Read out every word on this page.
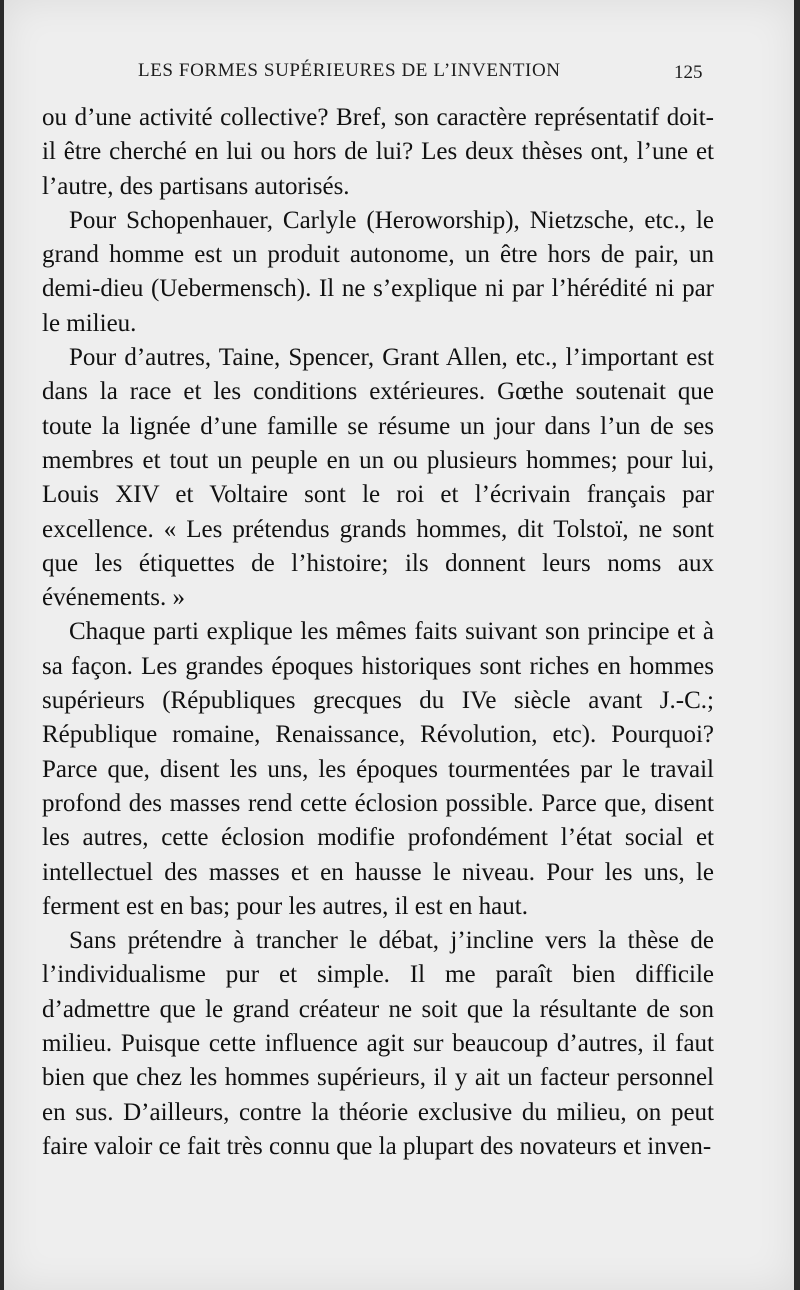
LES FORMES SUPÉRIEURES DE L’INVENTION	125

ou d’une activité collective? Bref, son caractère représentatif doit-il être cherché en lui ou hors de lui? Les deux thèses ont, l’une et l’autre, des partisans autorisés.

Pour Schopenhauer, Carlyle (Heroworship), Nietzsche, etc., le grand homme est un produit autonome, un être hors de pair, un demi-dieu (Uebermensch). Il ne s’explique ni par l’hérédité ni par le milieu.

Pour d’autres, Taine, Spencer, Grant Allen, etc., l’important est dans la race et les conditions extérieures. Gœthe soutenait que toute la lignée d’une famille se résume un jour dans l’un de ses membres et tout un peuple en un ou plusieurs hommes; pour lui, Louis XIV et Voltaire sont le roi et l’écrivain français par excellence. « Les prétendus grands hommes, dit Tolstoï, ne sont que les étiquettes de l’histoire; ils donnent leurs noms aux événements. »

Chaque parti explique les mêmes faits suivant son principe et à sa façon. Les grandes époques historiques sont riches en hommes supérieurs (Républiques grecques du IVe siècle avant J.-C.; République romaine, Renaissance, Révolution, etc). Pourquoi? Parce que, disent les uns, les époques tourmentées par le travail profond des masses rend cette éclosion possible. Parce que, disent les autres, cette éclosion modifie profondément l’état social et intellectuel des masses et en hausse le niveau. Pour les uns, le ferment est en bas; pour les autres, il est en haut.

Sans prétendre à trancher le débat, j’incline vers la thèse de l’individualisme pur et simple. Il me paraît bien difficile d’admettre que le grand créateur ne soit que la résultante de son milieu. Puisque cette influence agit sur beaucoup d’autres, il faut bien que chez les hommes supérieurs, il y ait un facteur personnel en sus. D’ailleurs, contre la théorie exclusive du milieu, on peut faire valoir ce fait très connu que la plupart des novateurs et inven-
